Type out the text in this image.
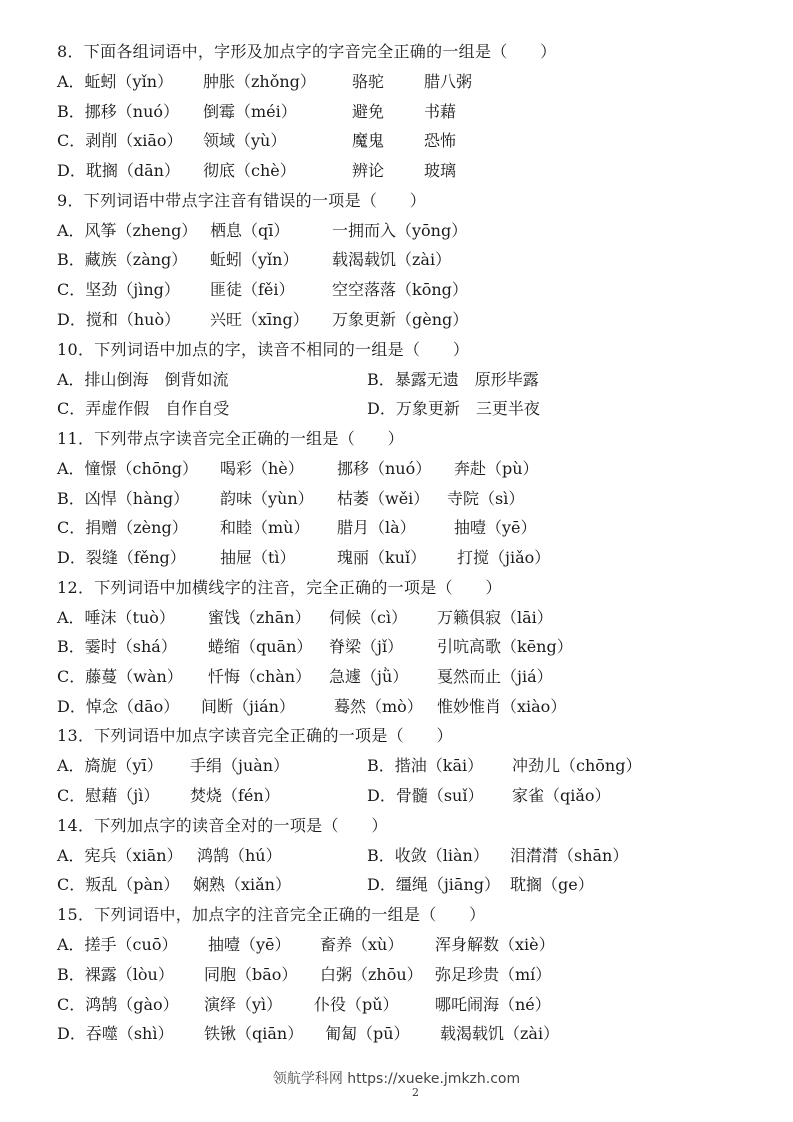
8．下面各组词语中，字形及加点字的字音完全正确的一组是（　　）
A．蚯蚓（yǐn） 肿胀（zhǒng） 骆驼 腊八粥
B．挪移（nuó） 倒霉（méi）	避免 书藉
C．剥削（xiāo） 领域（yù）	魔鬼 恐怖
D．耽搁（dān） 彻底（chè）	辨论 玻璃
9．下列词语中带点字注音有错误的一项是（　　）
A．风筝（zheng） 栖息（qī）	一拥而入（yōng）
B．藏族（zàng） 蚯蚓（yǐn） 载渴载饥（zài）
C．坚劲（jìng） 匪徒（fěi） 空空落落（kōng）
D．搅和（huò） 兴旺（xīng） 万象更新（gèng）
10．下列词语中加点的字，读音不相同的一组是（　　）
A．排山倒海　倒背如流	B．暴露无遗　原形毕露
C．弄虚作假　自作自受	D．万象更新　三更半夜
11．下列带点字读音完全正确的一组是（　　）
A．憧憬（chōng） 喝彩（hè） 挪移（nuó） 奔赴（pù）
B．凶悍（hàng） 韵味（yùn） 枯萎（wěi） 寺院（sì）
C．捐赠（zèng） 和睦（mù） 腊月（là） 抽噎（yē）
D．裂缝（fěng） 抽屉（tì）	瑰丽（kuǐ） 打搅（jiǎo）
12．下列词语中加横线字的注音，完全正确的一项是（　　）
A．唾沫（tuò） 蜜饯（zhān） 伺候（cì） 万籁俱寂（lāi）
B．霎时（shá） 蜷缩（quān） 脊梁（jǐ） 引吭高歌（kēng）
C．藤蔓（wàn） 忏悔（chàn） 急遽（jǜ） 戛然而止（jiá）
D．悼念（dāo） 间断（jián） 蓦然（mò） 惟妙惟肖（xiào）
13．下列词语中加点字读音完全正确的一项是（　　）
A．旖旎（yī） 手绢（juàn）	B．揩油（kāi） 冲劲儿（chōng）
C．慰藉（jì） 焚烧（fén）	D．骨髓（suǐ） 家雀（qiǎo）
14．下列加点字的读音全对的一项是（　　）
A．宪兵（xiān） 鸿鹄（hú）	B．收敛（liàn） 泪潸潸（shān）
C．叛乱（pàn） 娴熟（xiǎn）	D．缰绳（jiāng） 耽搁（ge）
15．下列词语中，加点字的注音完全正确的一组是（　　）
A．搓手（cuō） 抽噎（yē） 畜养（xù） 浑身解数（xiè）
B．裸露（lòu） 同胞（bāo） 白粥（zhōu） 弥足珍贵（mí）
C．鸿鹄（gào） 演绎（yì） 仆役（pǔ） 哪吒闹海（né）
D．吞噬（shì） 铁锹（qiān） 匍匐（pū） 载渴载饥（zài）
领航学科网 https://xueke.jmkzh.com
2
